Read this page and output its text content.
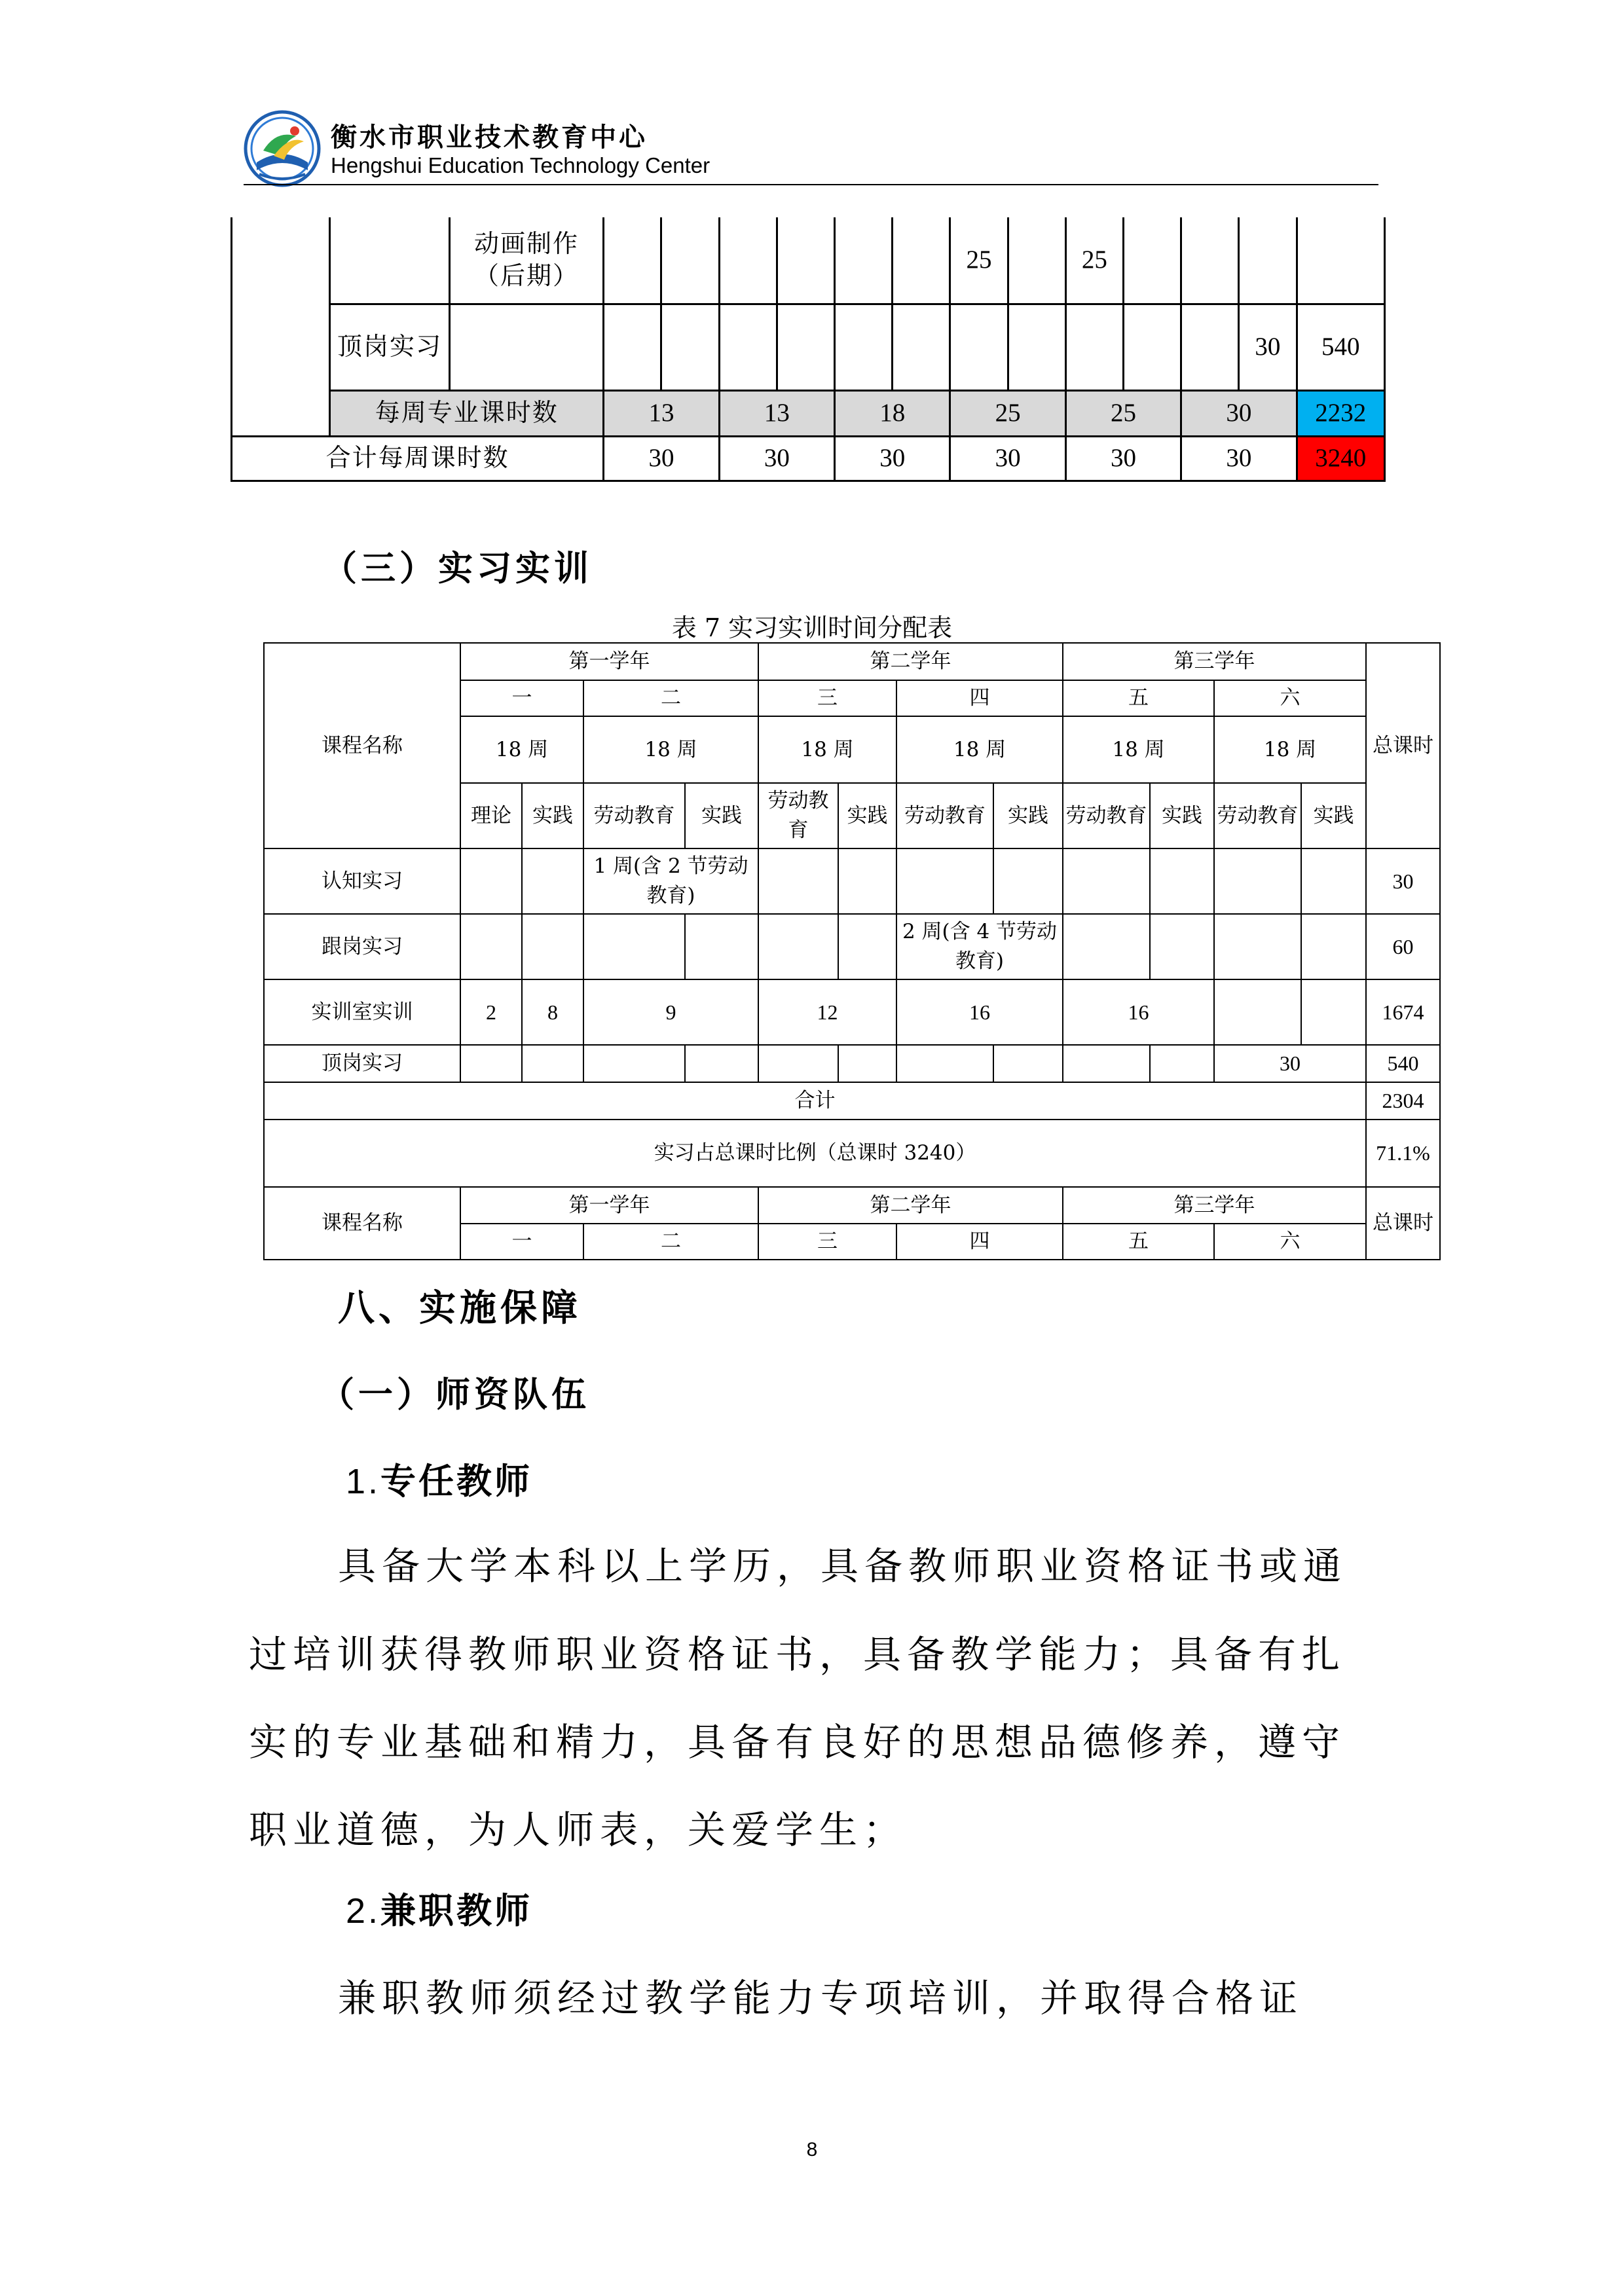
衡水市职业技术教育中心
Hengshui Education Technology Center
		动画制作（后期）							25		25				
	顶岗实习													30	540
	每周专业课时数		13		13		18		25		25		30		2232
合计每周课时数			30		30		30		30		30		30		3240
（三）实习实训
表 7 实习实训时间分配表
课程名称	第一学年				第二学年				第三学年				总课时
	一		二		三		四		五		六		
	18 周		18 周		18 周		18 周		18 周		18 周		
	理论	实践	劳动教育	实践	劳动教育	实践	劳动教育	实践	劳动教育	实践	劳动教育	实践	
认知实习			1 周(含 2 节劳动教育)										30
跟岗实习							2 周(含 4 节劳动教育)						60
实训室实训	2	8	9		12		16		16				1674
顶岗实习											30		540
合计													2304
实习占总课时比例（总课时 3240）													71.1%
课程名称	第一学年				第二学年				第三学年				总课时
	一		二		三		四		五		六		
八、实施保障
（一）师资队伍
1.专任教师
具备大学本科以上学历，具备教师职业资格证书或通
过培训获得教师职业资格证书，具备教学能力；具备有扎
实的专业基础和精力，具备有良好的思想品德修养，遵守
职业道德，为人师表，关爱学生；
2.兼职教师
兼职教师须经过教学能力专项培训，并取得合格证
8
